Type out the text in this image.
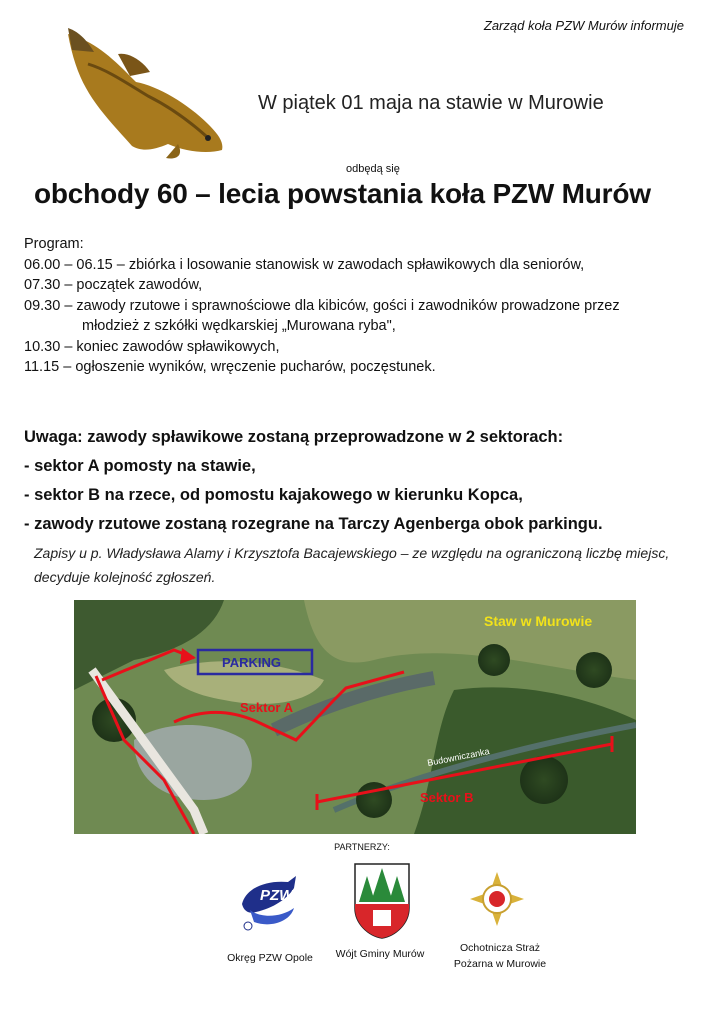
Zarząd koła PZW Murów informuje
W piątek 01 maja na stawie w Murowie
odbędą się
obchody 60 – lecia powstania koła PZW Murów
Program:
06.00 – 06.15 – zbiórka i losowanie stanowisk w zawodach spławikowych dla seniorów,
07.30 – początek zawodów,
09.30 – zawody rzutowe i sprawnościowe dla kibiców, gości i zawodników prowadzone przez
młodzież z szkółki wędkarskiej „Murowana ryba",
10.30 – koniec zawodów spławikowych,
11.15 – ogłoszenie wyników, wręczenie pucharów, poczęstunek.
Uwaga: zawody spławikowe zostaną przeprowadzone w 2 sektorach:
- sektor A pomosty na stawie,
- sektor B na rzece, od pomostu kajakowego w kierunku Kopca,
- zawody rzutowe zostaną rozegrane na Tarczy Agenberga obok parkingu.
Zapisy u p. Władysława Alamy i Krzysztofa Bacajewskiego – ze względu na ograniczoną liczbę miejsc, decyduje kolejność zgłoszeń.
PARKING
Staw w Murowie
Sektor A
Sektor B
Budowniczanka
PARTNERZY:
PZW
Okręg PZW Opole	Wójt Gminy Murów	Ochotnicza Straż Pożarna w Murowie
